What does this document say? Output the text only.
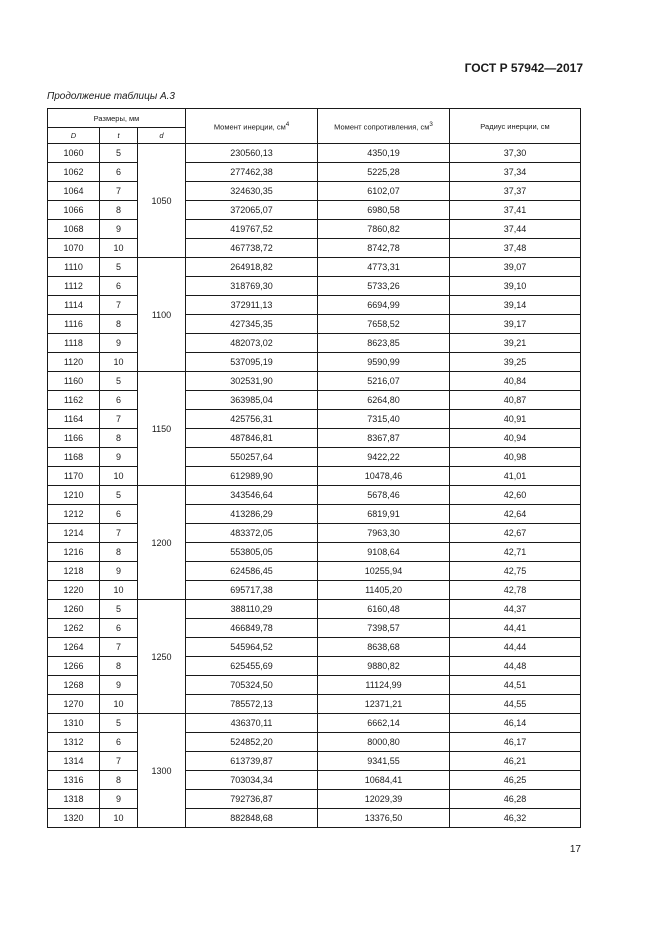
ГОСТ Р 57942—2017
Продолжение таблицы А.3
Размеры, мм			Момент инерции, $см^4$	Момент сопротивления, $см^3$	Радиус инерции, см
D	t	d			
1060	5	1050	230560,13	4350,19	37,30
1062	6		277462,38	5225,28	37,34
1064	7		324630,35	6102,07	37,37
1066	8		372065,07	6980,58	37,41
1068	9		419767,52	7860,82	37,44
1070	10		467738,72	8742,78	37,48
1110	5	1100	264918,82	4773,31	39,07
1112	6		318769,30	5733,26	39,10
1114	7		372911,13	6694,99	39,14
1116	8		427345,35	7658,52	39,17
1118	9		482073,02	8623,85	39,21
1120	10		537095,19	9590,99	39,25
1160	5	1150	302531,90	5216,07	40,84
1162	6		363985,04	6264,80	40,87
1164	7		425756,31	7315,40	40,91
1166	8		487846,81	8367,87	40,94
1168	9		550257,64	9422,22	40,98
1170	10		612989,90	10478,46	41,01
1210	5	1200	343546,64	5678,46	42,60
1212	6		413286,29	6819,91	42,64
1214	7		483372,05	7963,30	42,67
1216	8		553805,05	9108,64	42,71
1218	9		624586,45	10255,94	42,75
1220	10		695717,38	11405,20	42,78
1260	5	1250	388110,29	6160,48	44,37
1262	6		466849,78	7398,57	44,41
1264	7		545964,52	8638,68	44,44
1266	8		625455,69	9880,82	44,48
1268	9		705324,50	11124,99	44,51
1270	10		785572,13	12371,21	44,55
1310	5	1300	436370,11	6662,14	46,14
1312	6		524852,20	8000,80	46,17
1314	7		613739,87	9341,55	46,21
1316	8		703034,34	10684,41	46,25
1318	9		792736,87	12029,39	46,28
1320	10		882848,68	13376,50	46,32
17
